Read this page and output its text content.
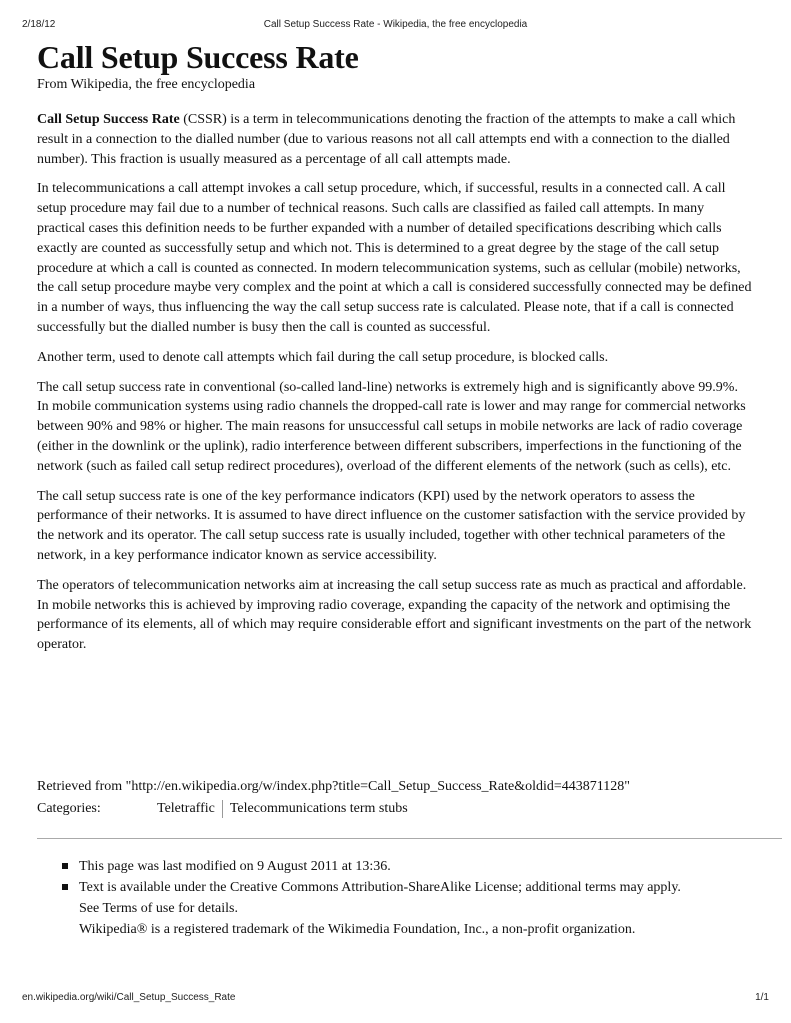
2/18/12	Call Setup Success Rate - Wikipedia, the free encyclopedia
Call Setup Success Rate
From Wikipedia, the free encyclopedia

Call Setup Success Rate (CSSR) is a term in telecommunications denoting the fraction of the attempts to make a call which result in a connection to the dialled number (due to various reasons not all call attempts end with a connection to the dialled number). This fraction is usually measured as a percentage of all call attempts made.

In telecommunications a call attempt invokes a call setup procedure, which, if successful, results in a connected call. A call setup procedure may fail due to a number of technical reasons. Such calls are classified as failed call attempts. In many practical cases this definition needs to be further expanded with a number of detailed specifications describing which calls exactly are counted as successfully setup and which not. This is determined to a great degree by the stage of the call setup procedure at which a call is counted as connected. In modern telecommunication systems, such as cellular (mobile) networks, the call setup procedure maybe very complex and the point at which a call is considered successfully connected may be defined in a number of ways, thus influencing the way the call setup success rate is calculated. Please note, that if a call is connected successfully but the dialled number is busy then the call is counted as successful.

Another term, used to denote call attempts which fail during the call setup procedure, is blocked calls.

The call setup success rate in conventional (so-called land-line) networks is extremely high and is significantly above 99.9%. In mobile communication systems using radio channels the dropped-call rate is lower and may range for commercial networks between 90% and 98% or higher. The main reasons for unsuccessful call setups in mobile networks are lack of radio coverage (either in the downlink or the uplink), radio interference between different subscribers, imperfections in the functioning of the network (such as failed call setup redirect procedures), overload of the different elements of the network (such as cells), etc.

The call setup success rate is one of the key performance indicators (KPI) used by the network operators to assess the performance of their networks. It is assumed to have direct influence on the customer satisfaction with the service provided by the network and its operator. The call setup success rate is usually included, together with other technical parameters of the network, in a key performance indicator known as service accessibility.

The operators of telecommunication networks aim at increasing the call setup success rate as much as practical and affordable. In mobile networks this is achieved by improving radio coverage, expanding the capacity of the network and optimising the performance of its elements, all of which may require considerable effort and significant investments on the part of the network operator.

Retrieved from "http://en.wikipedia.org/w/index.php?title=Call_Setup_Success_Rate&oldid=443871128"
Categories:	Teletraffic	Telecommunications term stubs
This page was last modified on 9 August 2011 at 13:36.
Text is available under the Creative Commons Attribution-ShareAlike License; additional terms may apply.
See Terms of use for details.
Wikipedia® is a registered trademark of the Wikimedia Foundation, Inc., a non-profit organization.
en.wikipedia.org/wiki/Call_Setup_Success_Rate	1/1
